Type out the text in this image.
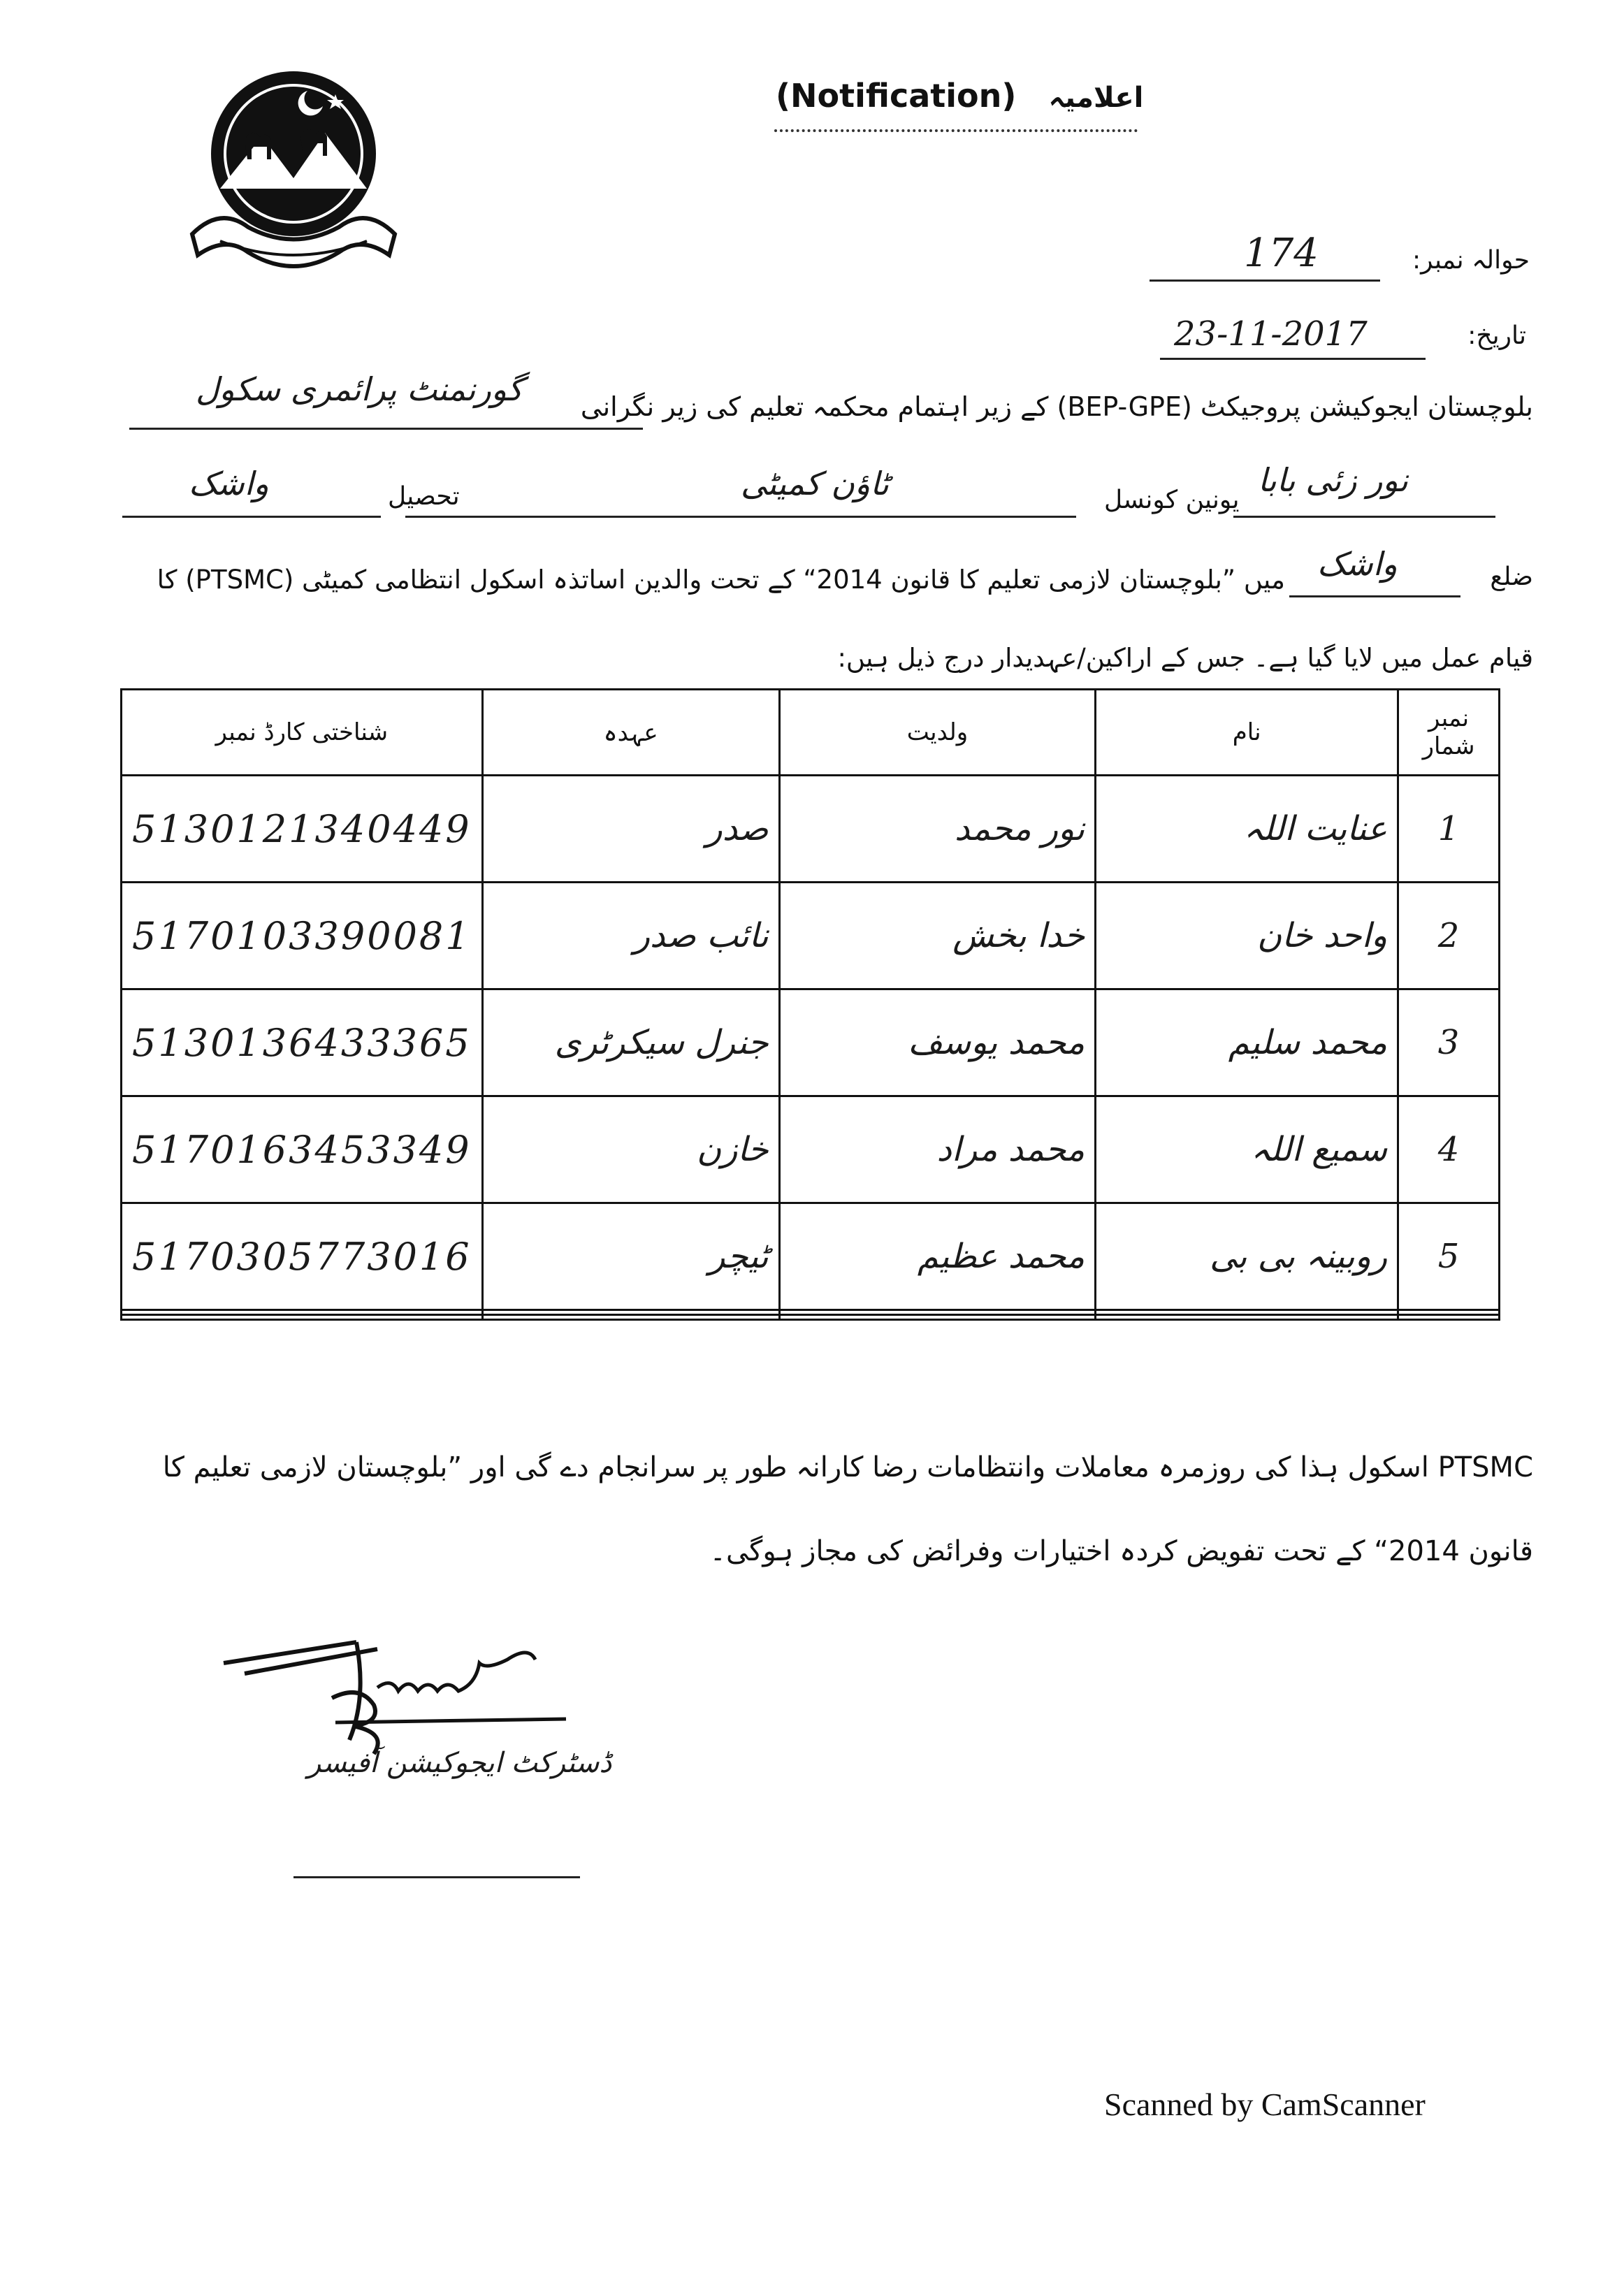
(Notification) اعلامیہ
حوالہ نمبر:
174
تاریخ:
23-11-2017
بلوچستان ایجوکیشن پروجیکٹ (BEP-GPE) کے زیر اہتمام محکمہ تعلیم کی زیر نگرانی
گورنمنٹ پرائمری سکول
نور زئی بابا
یونین کونسل
ٹاؤن کمیٹی
تحصیل
واشک
ضلع
واشک
میں ”بلوچستان لازمی تعلیم کا قانون 2014“ کے تحت والدین اساتذہ اسکول انتظامی کمیٹی (PTSMC) کا
قیام عمل میں لایا گیا ہے۔ جس کے اراکین/عہدیدار درج ذیل ہیں:
نمبر شمار	نام	ولدیت	عہدہ	شناختی کارڈ نمبر
1	عنایت اللہ	نور محمد	صدر	5130121340449
2	واحد خان	خدا بخش	نائب صدر	5170103390081
3	محمد سلیم	محمد یوسف	جنرل سیکرٹری	5130136433365
4	سمیع اللہ	محمد مراد	خازن	5170163453349
5	روبینہ بی بی	محمد عظیم	ٹیچر	5170305773016

PTSMC اسکول ہذا کی روزمرہ معاملات وانتظامات رضا کارانہ طور پر سرانجام دے گی اور ”بلوچستان لازمی تعلیم کا قانون 2014“ کے تحت تفویض کردہ اختیارات وفرائض کی مجاز ہوگی۔
ڈسٹرکٹ ایجوکیشن آفیسر
Scanned by CamScanner
